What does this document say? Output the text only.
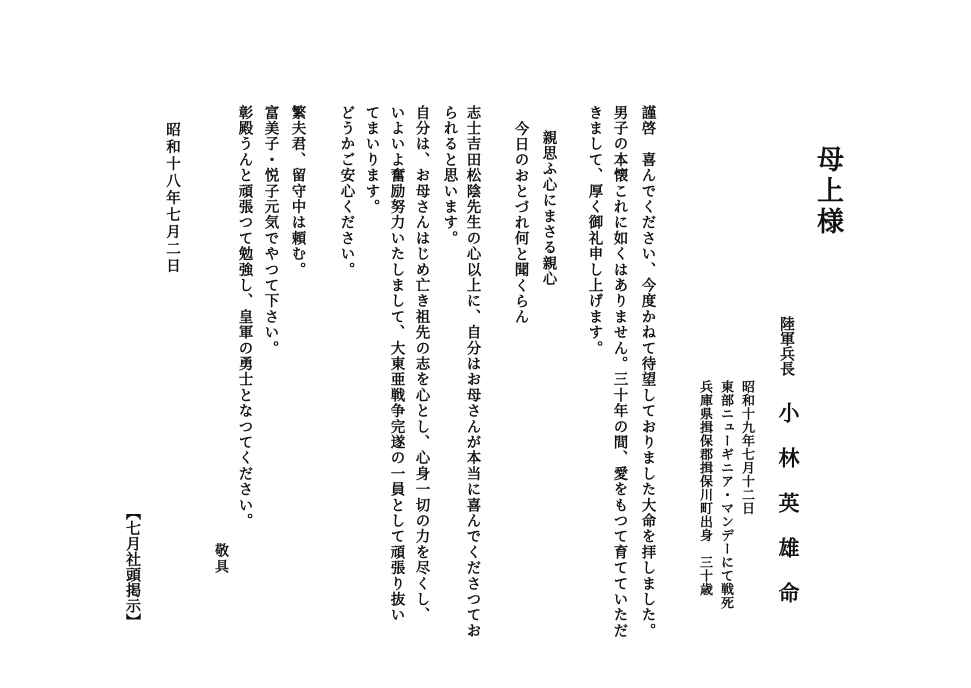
母上様
陸軍兵長
昭和十九年七月十二日
東部ニューギニア・マンデーにて戦死
兵庫県揖保郡揖保川町出身　三十歳	小林英雄命
謹啓　喜んでください、今度かねて待望しておりました大命を拝しました。
男子の本懐これに如くはありません。三十年の間、愛をもつて育てていただ
きまして、厚く御礼申し上げます。
親思ふ心にまさる親心
今日のおとづれ何と聞くらん
志士吉田松陰先生の心以上に、自分はお母さんが本当に喜んでくださつてお
られると思います。
自分は、お母さんはじめ亡き祖先の志を心とし、心身一切の力を尽くし、
いよいよ奮励努力いたしまして、大東亜戦争完遂の一員として頑張り抜い
てまいります。
どうかご安心ください。
繁夫君、留守中は頼む。
富美子・悦子元気でやつて下さい。
彰殿うんと頑張つて勉強し、皇軍の勇士となつてください。
敬具
昭和十八年七月二日
【七月社頭掲示】
